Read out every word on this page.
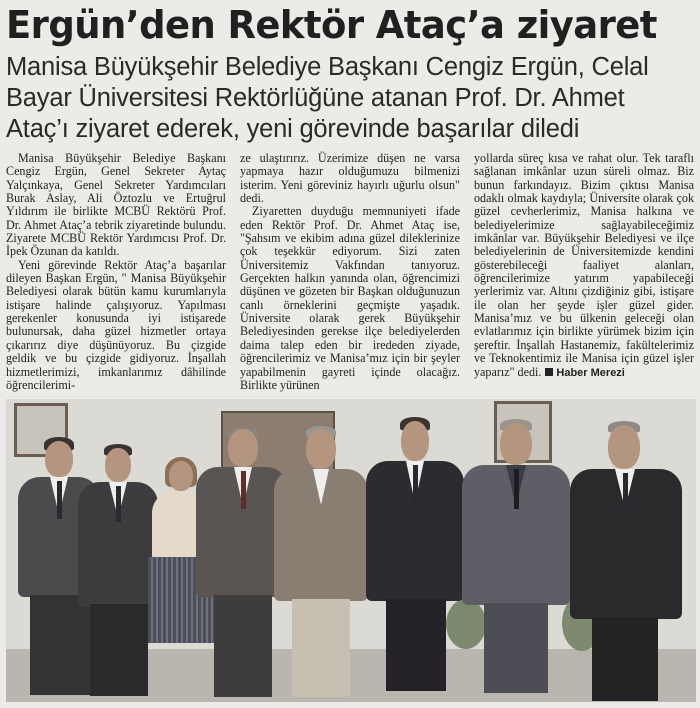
Ergün’den Rektör Ataç’a ziyaret
Manisa Büyükşehir Belediye Başkanı Cengiz Ergün, Celal
Bayar Üniversitesi Rektörlüğüne atanan Prof. Dr. Ahmet
Ataç’ı ziyaret ederek, yeni görevinde başarılar diledi

Manisa Büyükşehir Belediye Başkanı Cengiz Ergün, Genel Sekreter Aytaç Yalçınkaya, Genel Sekreter Yardımcıları Burak Aslay, Ali Öztozlu ve Ertuğrul Yıldırım ile birlikte MCBÜ Rektörü Prof. Dr. Ahmet Ataç’a tebrik ziyaretinde bulundu. Ziyarete MCBÜ Rektör Yardımcısı Prof. Dr. İpek Özunan da katıldı.

Yeni görevinde Rektör Ataç’a başarılar dileyen Başkan Ergün, " Manisa Büyükşehir Belediyesi olarak bütün kamu kurumlarıyla istişare halinde çalışıyoruz. Yapılması gerekenler konusunda iyi istişarede bulunursak, daha güzel hizmetler ortaya çıkarırız diye düşünüyoruz. Bu çizgide geldik ve bu çizgide gidiyoruz. İnşallah hizmetlerimizi, imkanlarımız dâhilinde öğrencilerimi-

ze ulaştırırız. Üzerimize düşen ne varsa yapmaya hazır olduğumuzu bilmenizi isterim. Yeni göreviniz hayırlı uğurlu olsun" dedi.

Ziyaretten duyduğu memnuniyeti ifade eden Rektör Prof. Dr. Ahmet Ataç ise, "Şahsım ve ekibim adına güzel dileklerinize çok teşekkür ediyorum. Sizi zaten Üniversitemiz Vakfından tanıyoruz. Gerçekten halkın yanında olan, öğrencimizi düşünen ve gözeten bir Başkan olduğunuzun canlı örneklerini geçmişte yaşadık. Üniversite olarak gerek Büyükşehir Belediyesinden gerekse ilçe belediyelerden daima talep eden bir irededen ziyade, öğrencilerimiz ve Manisa’mız için bir şeyler yapabilmenin gayreti içinde olacağız. Birlikte yürünen

yollarda süreç kısa ve rahat olur. Tek taraflı sağlanan imkânlar uzun süreli olmaz. Biz bunun farkındayız. Bizim çıktısı Manisa odaklı olmak kaydıyla; Üniversite olarak çok güzel cevherlerimiz, Manisa halkına ve belediyelerimize sağlayabileceğimiz imkânlar var. Büyükşehir Belediyesi ve ilçe belediyelerinin de Üniversitemizde kendini gösterebileceği faaliyet alanları, öğrencilerimize yatırım yapabileceği yerlerimiz var. Altını çizdiğiniz gibi, istişare ile olan her şeyde işler güzel gider. Manisa’mız ve bu ülkenin geleceği olan evlatlarımız için birlikte yürümek bizim için şereftir. İnşallah Hastanemiz, fakültelerimiz ve Teknokentimiz ile Manisa için güzel işler yaparız" dedi. Haber Merezi
